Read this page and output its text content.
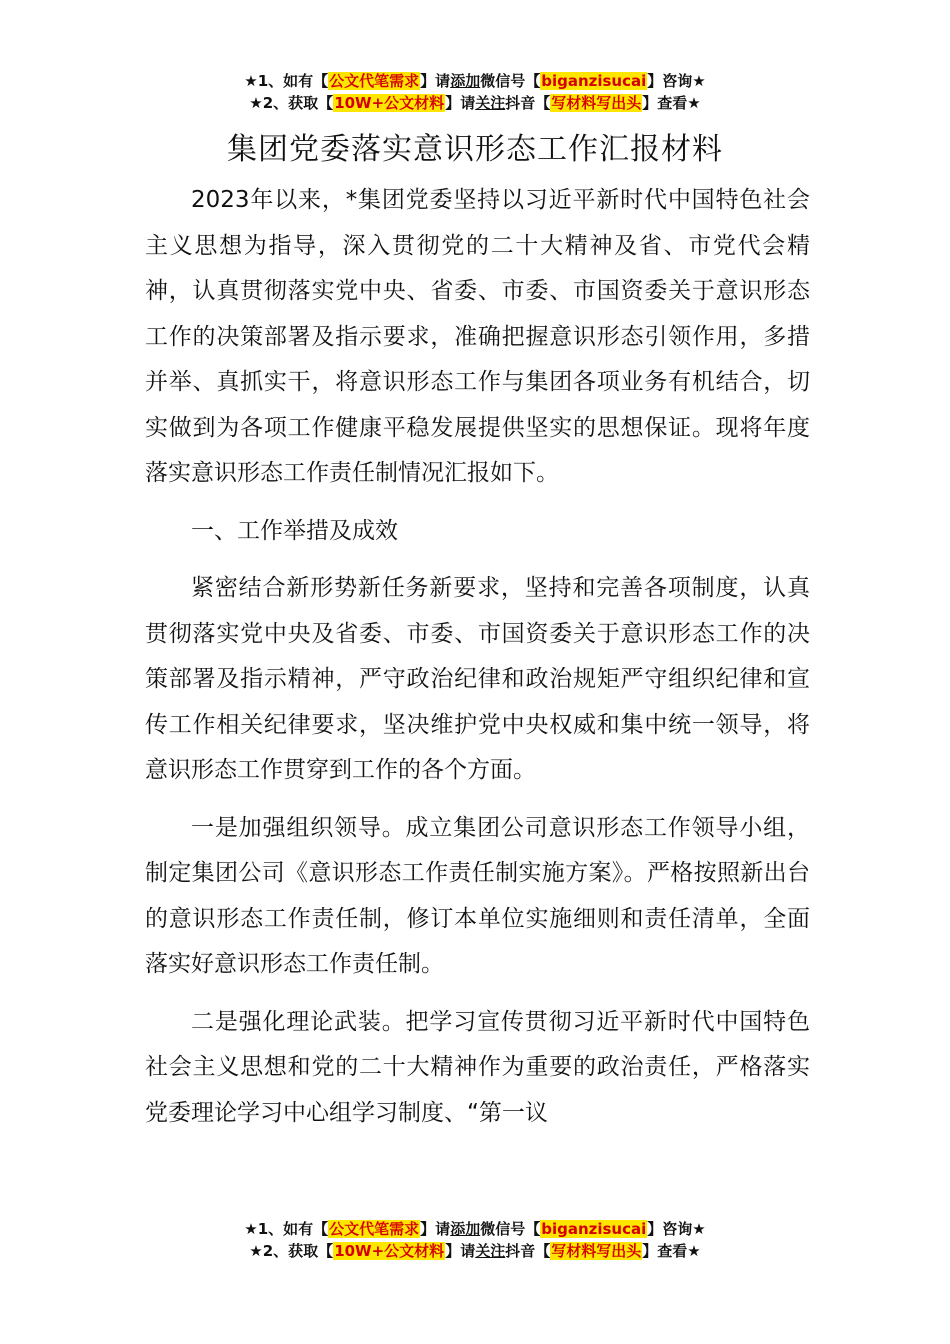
★1、如有【公文代笔需求】请添加微信号【biganzisucai】咨询★
★2、获取【10W+公文材料】请关注抖音【写材料写出头】查看★
集团党委落实意识形态工作汇报材料

2023年以来，*集团党委坚持以习近平新时代中国特色社会主义思想为指导，深入贯彻党的二十大精神及省、市党代会精神，认真贯彻落实党中央、省委、市委、市国资委关于意识形态工作的决策部署及指示要求，准确把握意识形态引领作用，多措并举、真抓实干，将意识形态工作与集团各项业务有机结合，切实做到为各项工作健康平稳发展提供坚实的思想保证。现将年度落实意识形态工作责任制情况汇报如下。

一、工作举措及成效

紧密结合新形势新任务新要求，坚持和完善各项制度，认真贯彻落实党中央及省委、市委、市国资委关于意识形态工作的决策部署及指示精神，严守政治纪律和政治规矩严守组织纪律和宣传工作相关纪律要求，坚决维护党中央权威和集中统一领导，将意识形态工作贯穿到工作的各个方面。

一是加强组织领导。成立集团公司意识形态工作领导小组，制定集团公司《意识形态工作责任制实施方案》。严格按照新出台的意识形态工作责任制，修订本单位实施细则和责任清单，全面落实好意识形态工作责任制。

二是强化理论武装。把学习宣传贯彻习近平新时代中国特色社会主义思想和党的二十大精神作为重要的政治责任，严格落实党委理论学习中心组学习制度、“第一议

★1、如有【公文代笔需求】请添加微信号【biganzisucai】咨询★
★2、获取【10W+公文材料】请关注抖音【写材料写出头】查看★
